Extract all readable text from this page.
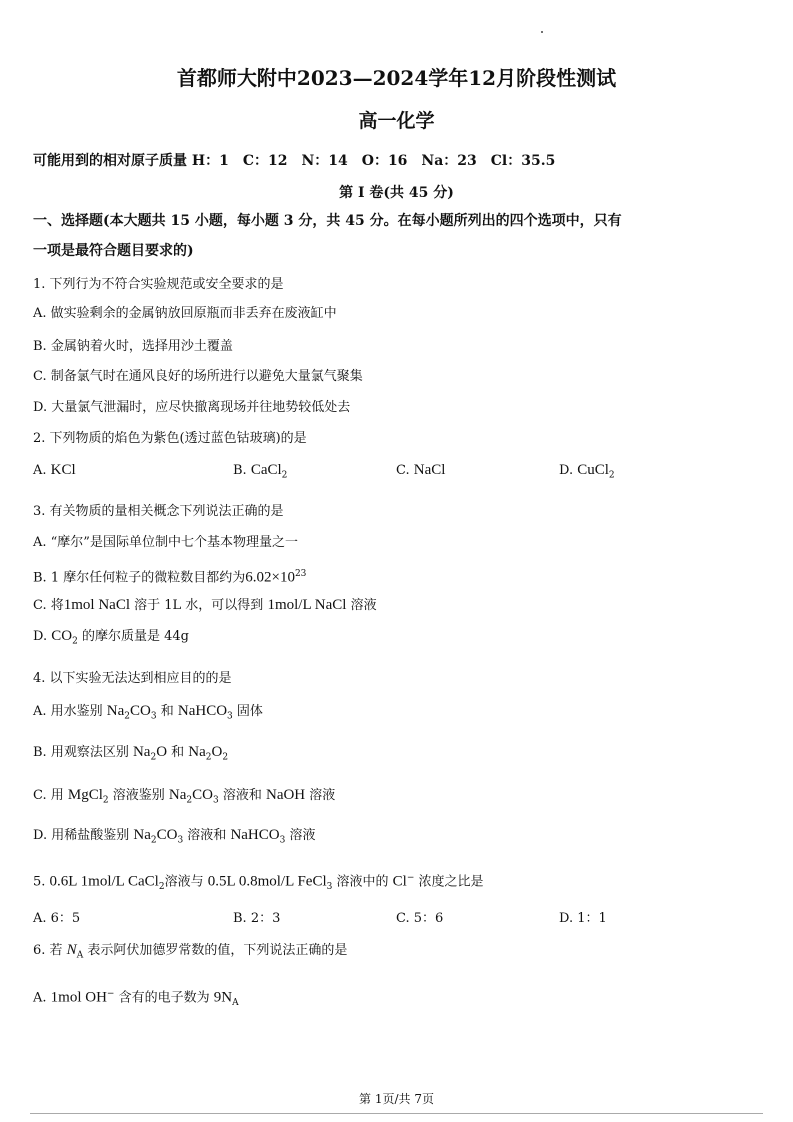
首都师大附中2023—2024学年12月阶段性测试
高一化学
可能用到的相对原子质量 H：1　C：12　N：14　O：16　Na：23　Cl：35.5
第 I 卷(共 45 分)
一、选择题(本大题共 15 小题，每小题 3 分，共 45 分。在每小题所列出的四个选项中，只有
一项是最符合题目要求的)
1. 下列行为不符合实验规范或安全要求的是
A. 做实验剩余的金属钠放回原瓶而非丢弃在废液缸中
B. 金属钠着火时，选择用沙土覆盖
C. 制备氯气时在通风良好的场所进行以避免大量氯气聚集
D. 大量氯气泄漏时，应尽快撤离现场并往地势较低处去
2. 下列物质的焰色为紫色(透过蓝色钴玻璃)的是
A. KCl	B. CaCl$_2$	C. NaCl	D. CuCl$_2$
3. 有关物质的量相关概念下列说法正确的是
A. “摩尔”是国际单位制中七个基本物理量之一
B. 1 摩尔任何粒子的微粒数目都约为$6.02\times 10^{23}$
C. 将1mol NaCl 溶于 1L 水，可以得到 1mol/L NaCl 溶液
D. $CO_2$ 的摩尔质量是 44g
4. 以下实验无法达到相应目的的是
A. 用水鉴别 $Na_2CO_3$ 和 NaHCO$_3$ 固体
B. 用观察法区别 $Na_2O$ 和 $Na_2O_2$
C. 用 MgCl$_2$ 溶液鉴别 $Na_2CO_3$ 溶液和 NaOH 溶液
D. 用稀盐酸鉴别 $Na_2CO_3$ 溶液和 NaHCO$_3$ 溶液
5. 0.6L 1mol/L CaCl$_2$溶液与 0.5L 0.8mol/L FeCl$_3$ 溶液中的 Cl− 浓度之比是
A. 6：5	B. 2：3	C. 5：6	D. 1：1
6. 若 $N_A$ 表示阿伏加德罗常数的值，下列说法正确的是
A. 1mol OH− 含有的电子数为 $9N_A$
第 1页/共 7页
